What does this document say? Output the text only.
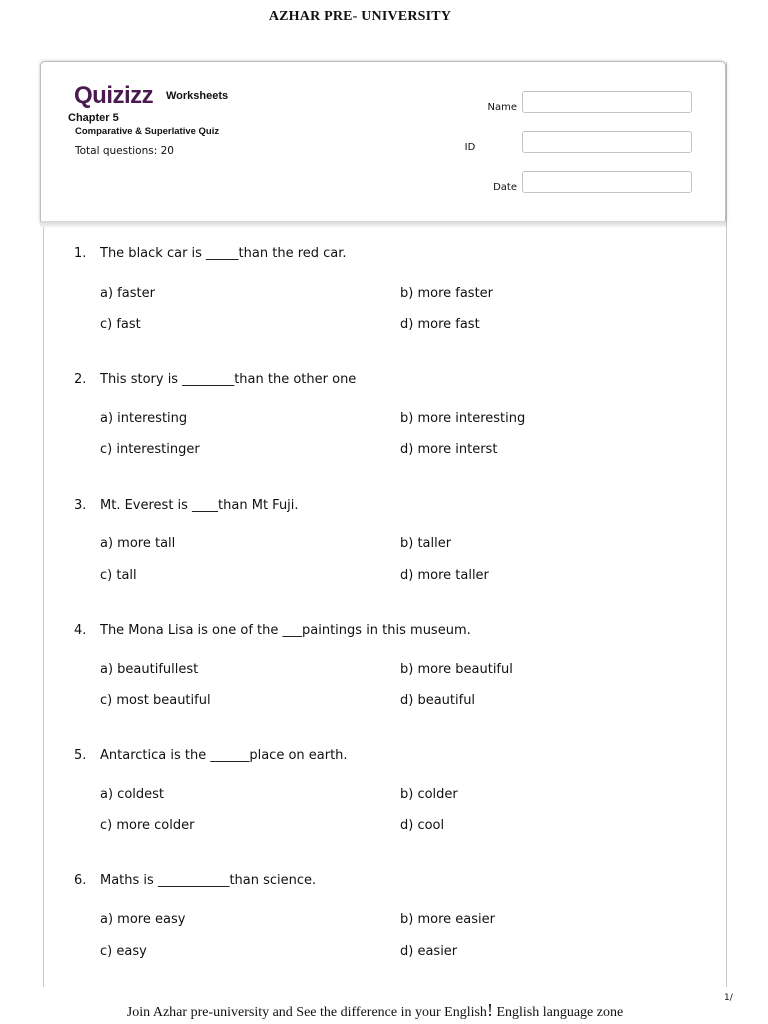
AZHAR PRE- UNIVERSITY
Quizizz Worksheets
Chapter 5
Comparative & Superlative Quiz
Total questions: 20
Name
ID
Date
1. The black car is _____than the red car.
a) faster	b) more faster
c) fast	d) more fast
2. This story is ________than the other one
a) interesting	b) more interesting
c) interestinger	d) more interst
3. Mt. Everest is ____than Mt Fuji.
a) more tall	b) taller
c) tall	d) more taller
4. The Mona Lisa is one of the ___paintings in this museum.
a) beautifullest	b) more beautiful
c) most beautiful	d) beautiful
5. Antarctica is the ______place on earth.
a) coldest	b) colder
c) more colder	d) cool
6. Maths is ___________than science.
a) more easy	b) more easier
c) easy	d) easier
Join Azhar pre-university and See the difference in your English! English language zone
1/
